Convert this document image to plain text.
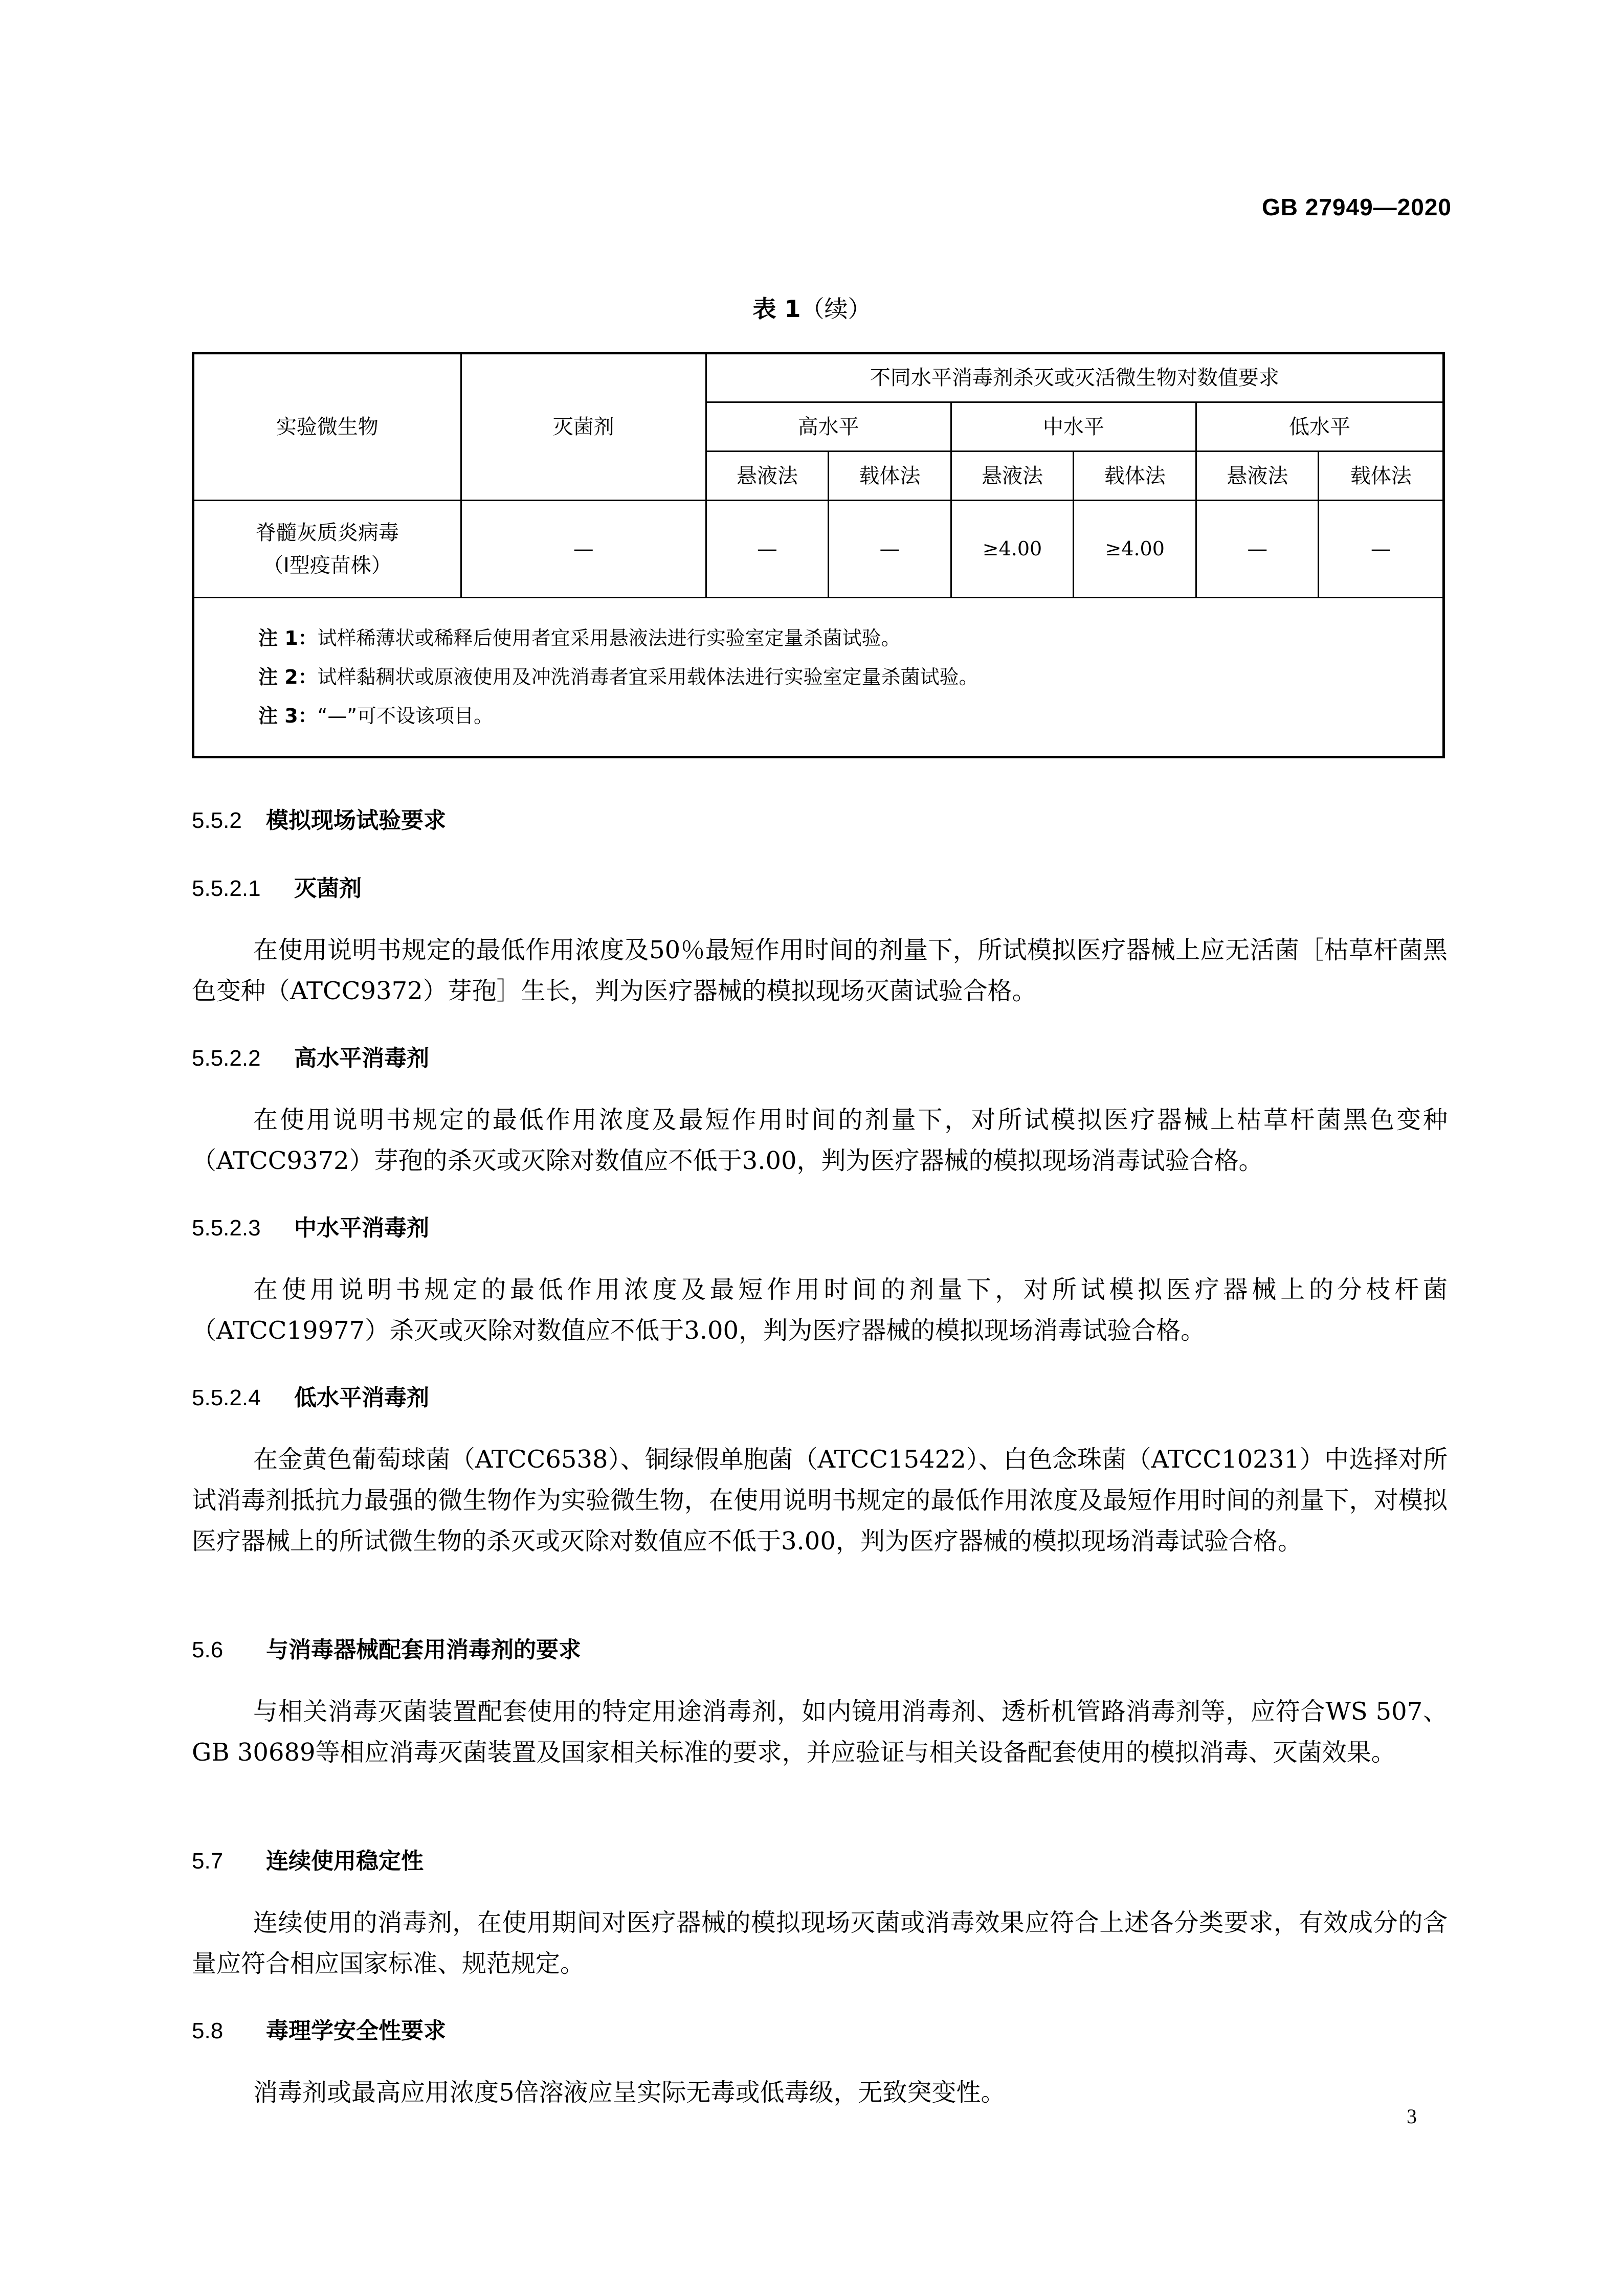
GB 27949—2020
表 1（续）
实验微生物	灭菌剂	不同水平消毒剂杀灭或灭活微生物对数值要求					
		高水平		中水平		低水平	
		悬液法	载体法	悬液法	载体法	悬液法	载体法
脊髓灰质炎病毒
（Ⅰ型疫苗株）	—	—	—	≥4.00	≥4.00	—	—

注 1：试样稀薄状或稀释后使用者宜采用悬液法进行实验室定量杀菌试验。
注 2：试样黏稠状或原液使用及冲洗消毒者宜采用载体法进行实验室定量杀菌试验。
注 3：“—”可不设该项目。							
5.5.2 模拟现场试验要求
5.5.2.1 灭菌剂
在使用说明书规定的最低作用浓度及50％最短作用时间的剂量下，所试模拟医疗器械上应无活菌［枯草杆菌黑色变种（ATCC9372）芽孢］生长，判为医疗器械的模拟现场灭菌试验合格。
5.5.2.2 高水平消毒剂
在使用说明书规定的最低作用浓度及最短作用时间的剂量下，对所试模拟医疗器械上枯草杆菌黑色变种（ATCC9372）芽孢的杀灭或灭除对数值应不低于3.00，判为医疗器械的模拟现场消毒试验合格。
5.5.2.3 中水平消毒剂
在使用说明书规定的最低作用浓度及最短作用时间的剂量下，对所试模拟医疗器械上的分枝杆菌（ATCC19977）杀灭或灭除对数值应不低于3.00，判为医疗器械的模拟现场消毒试验合格。
5.5.2.4 低水平消毒剂
在金黄色葡萄球菌（ATCC6538）、铜绿假单胞菌（ATCC15422）、白色念珠菌（ATCC10231）中选择对所试消毒剂抵抗力最强的微生物作为实验微生物，在使用说明书规定的最低作用浓度及最短作用时间的剂量下，对模拟医疗器械上的所试微生物的杀灭或灭除对数值应不低于3.00，判为医疗器械的模拟现场消毒试验合格。
5.6 与消毒器械配套用消毒剂的要求
与相关消毒灭菌装置配套使用的特定用途消毒剂，如内镜用消毒剂、透析机管路消毒剂等，应符合WS 507、GB 30689等相应消毒灭菌装置及国家相关标准的要求，并应验证与相关设备配套使用的模拟消毒、灭菌效果。
5.7 连续使用稳定性
连续使用的消毒剂，在使用期间对医疗器械的模拟现场灭菌或消毒效果应符合上述各分类要求，有效成分的含量应符合相应国家标准、规范规定。
5.8 毒理学安全性要求
消毒剂或最高应用浓度5倍溶液应呈实际无毒或低毒级，无致突变性。
3
